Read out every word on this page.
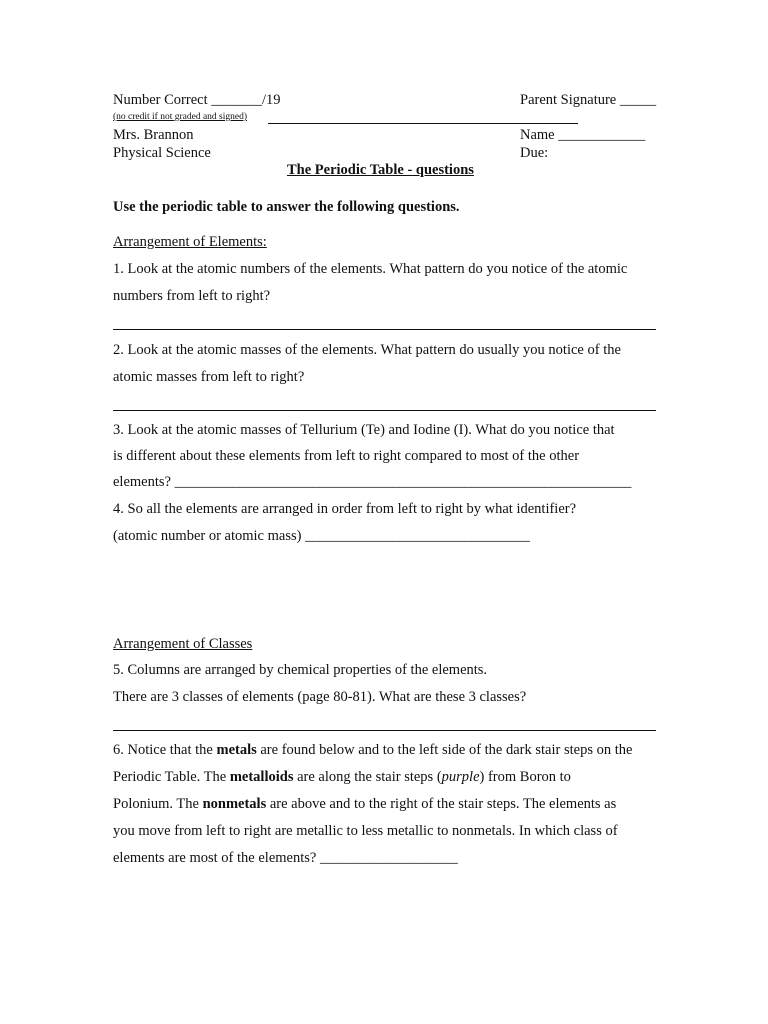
Number Correct _______/19	Parent Signature _____
(no credit if not graded and signed)
Mrs. Brannon	Name ____________
Physical Science	Due:
The Periodic Table - questions
Use the periodic table to answer the following questions.
Arrangement of Elements:
1. Look at the atomic numbers of the elements. What pattern do you notice of the atomic
numbers from left to right?
2. Look at the atomic masses of the elements. What pattern do usually you notice of the
atomic masses from left to right?
3. Look at the atomic masses of Tellurium (Te) and Iodine (I). What do you notice that
is different about these elements from left to right compared to most of the other
elements? _______________________________________________________________
4. So all the elements are arranged in order from left to right by what identifier?
(atomic number or atomic mass) _______________________________
Arrangement of Classes
5. Columns are arranged by chemical properties of the elements.
There are 3 classes of elements (page 80-81). What are these 3 classes?
6. Notice that the metals are found below and to the left side of the dark stair steps on the
Periodic Table. The metalloids are along the stair steps (purple) from Boron to
Polonium. The nonmetals are above and to the right of the stair steps. The elements as
you move from left to right are metallic to less metallic to nonmetals. In which class of
elements are most of the elements? ___________________
